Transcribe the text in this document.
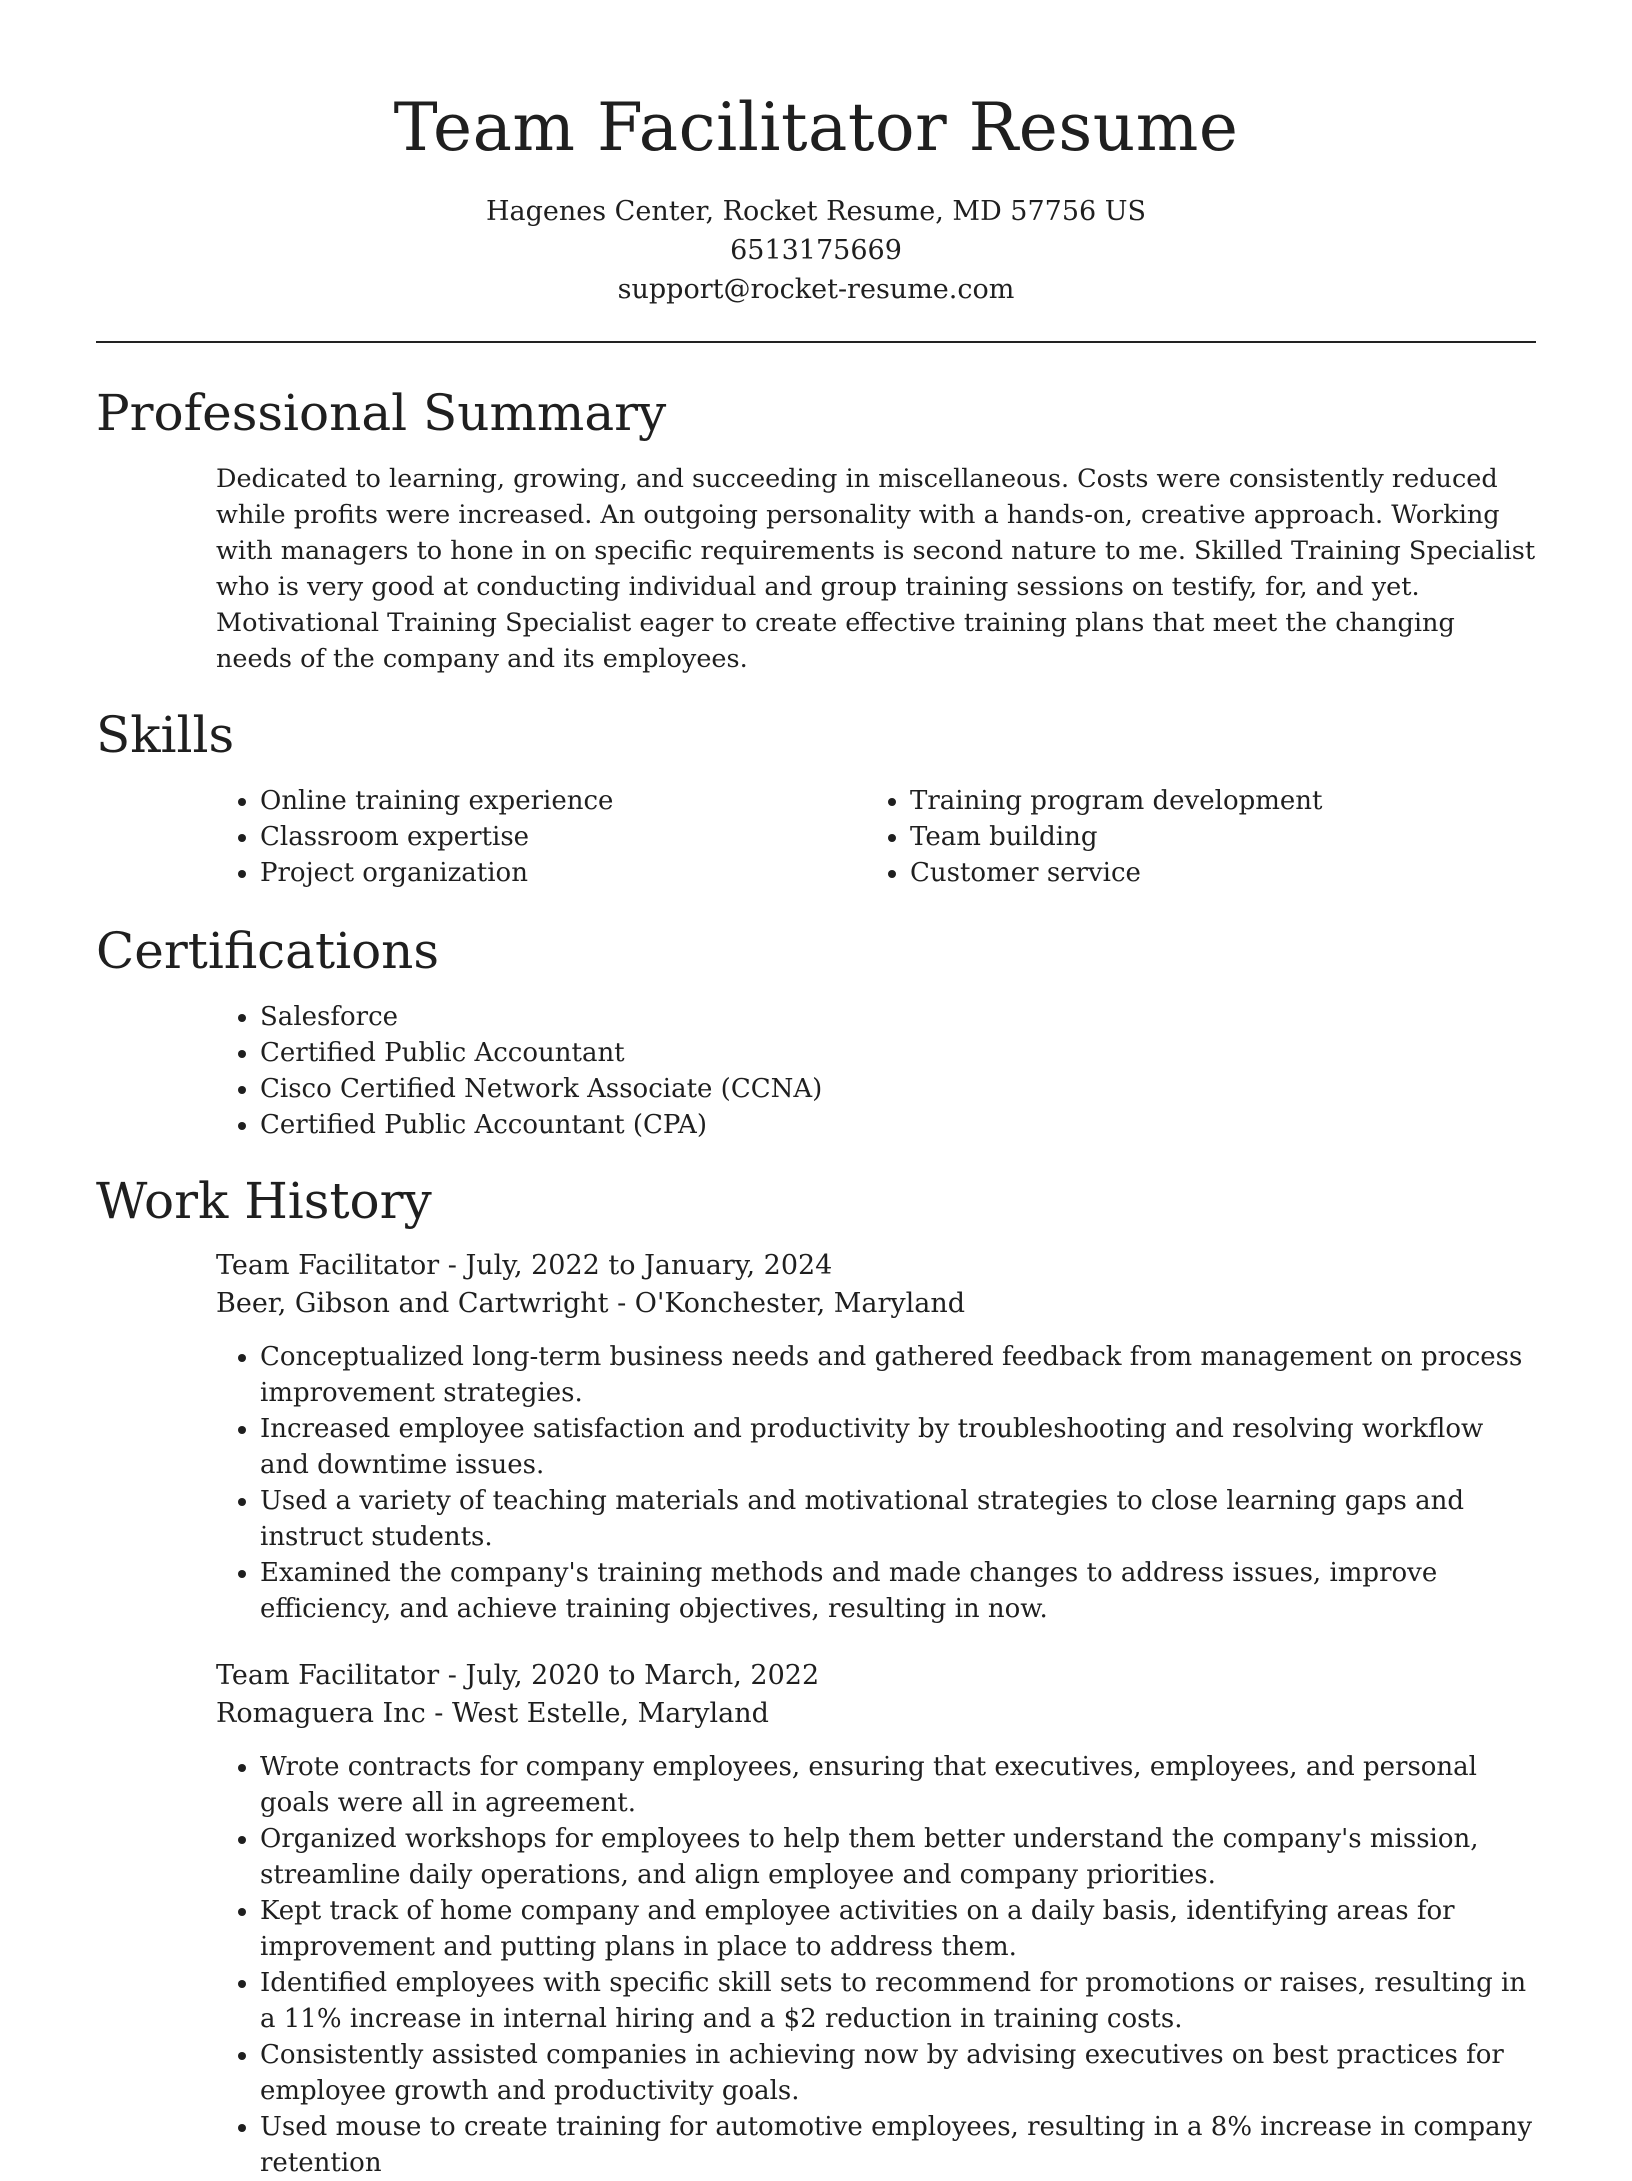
Team Facilitator Resume
Hagenes Center, Rocket Resume, MD 57756 US
6513175669
support@rocket-resume.com
Professional Summary
Dedicated to learning, growing, and succeeding in miscellaneous. Costs were consistently reduced while profits were increased. An outgoing personality with a hands-on, creative approach. Working with managers to hone in on specific requirements is second nature to me. Skilled Training Specialist who is very good at conducting individual and group training sessions on testify, for, and yet. Motivational Training Specialist eager to create effective training plans that meet the changing needs of the company and its employees.
Skills
• Online training experience
• Classroom expertise
• Project organization
• Training program development
• Team building
• Customer service
Certifications
• Salesforce
• Certified Public Accountant
• Cisco Certified Network Associate (CCNA)
• Certified Public Accountant (CPA)
Work History
Team Facilitator - July, 2022 to January, 2024
Beer, Gibson and Cartwright - O'Konchester, Maryland
• Conceptualized long-term business needs and gathered feedback from management on process improvement strategies.
• Increased employee satisfaction and productivity by troubleshooting and resolving workflow and downtime issues.
• Used a variety of teaching materials and motivational strategies to close learning gaps and instruct students.
• Examined the company's training methods and made changes to address issues, improve efficiency, and achieve training objectives, resulting in now.
Team Facilitator - July, 2020 to March, 2022
Romaguera Inc - West Estelle, Maryland
• Wrote contracts for company employees, ensuring that executives, employees, and personal goals were all in agreement.
• Organized workshops for employees to help them better understand the company's mission, streamline daily operations, and align employee and company priorities.
• Kept track of home company and employee activities on a daily basis, identifying areas for improvement and putting plans in place to address them.
• Identified employees with specific skill sets to recommend for promotions or raises, resulting in a 11% increase in internal hiring and a $2 reduction in training costs.
• Consistently assisted companies in achieving now by advising executives on best practices for employee growth and productivity goals.
• Used mouse to create training for automotive employees, resulting in a 8% increase in company retention
